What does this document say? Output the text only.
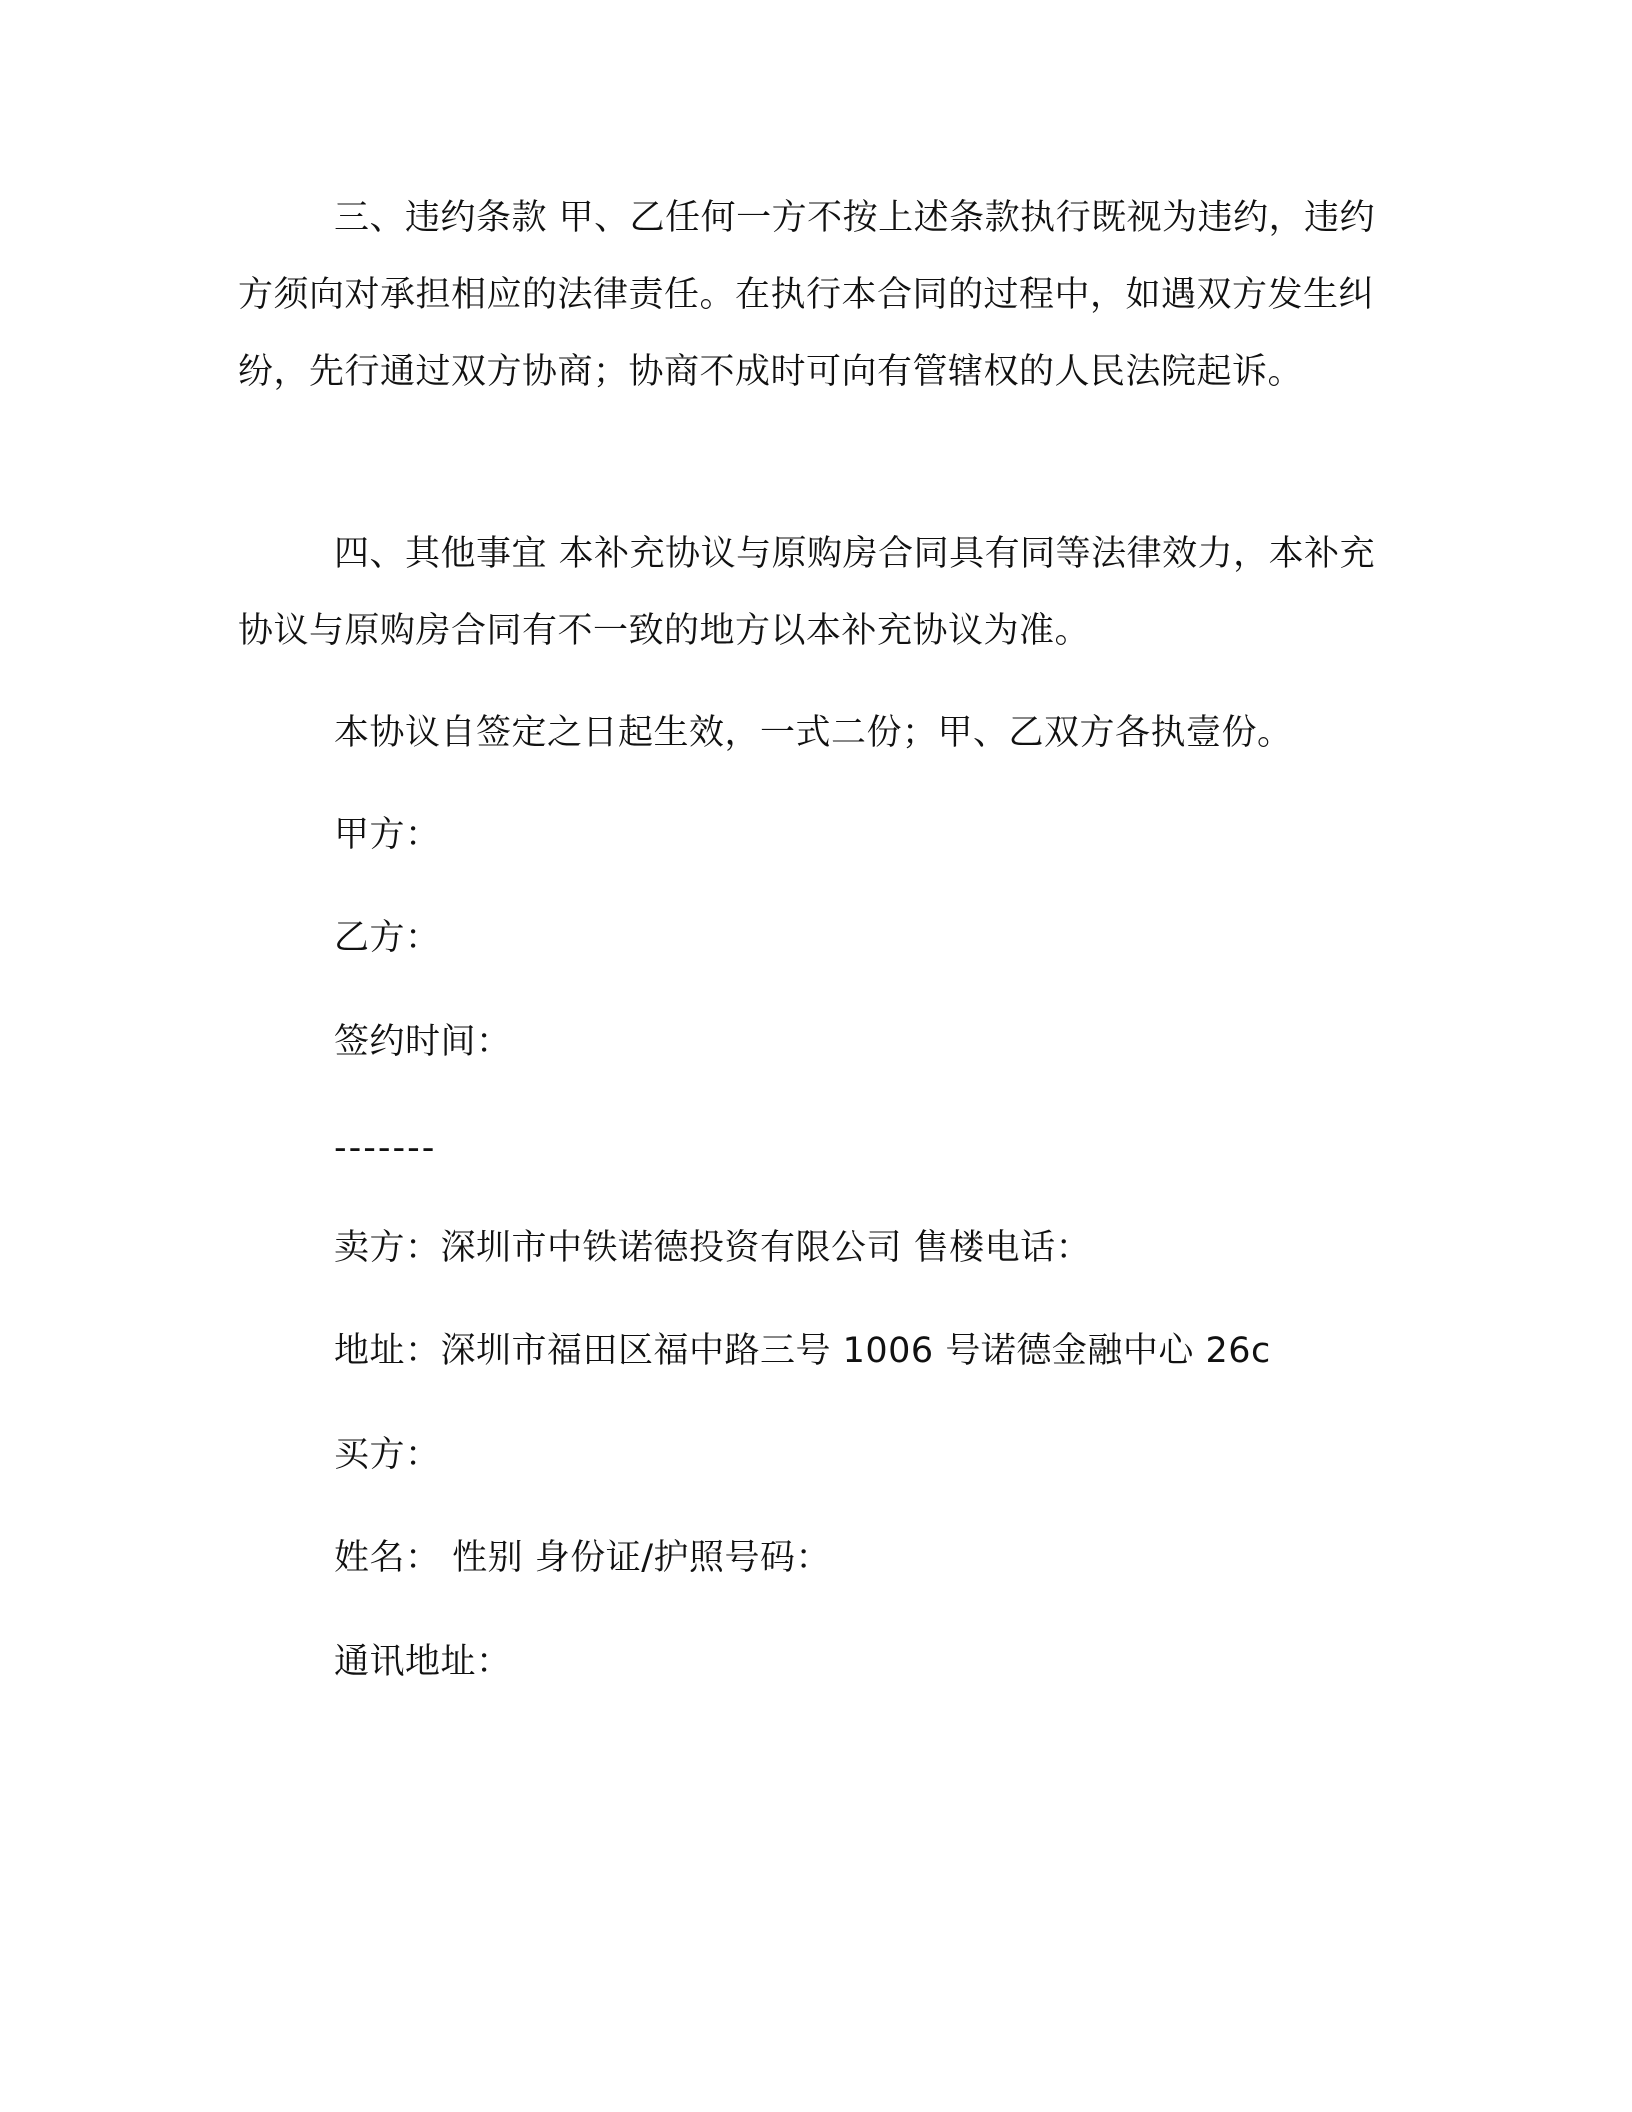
三、违约条款 甲、乙任何一方不按上述条款执行既视为违约，违约方须向对承担相应的法律责任。在执行本合同的过程中，如遇双方发生纠纷，先行通过双方协商；协商不成时可向有管辖权的人民法院起诉。

四、其他事宜 本补充协议与原购房合同具有同等法律效力，本补充协议与原购房合同有不一致的地方以本补充协议为准。

本协议自签定之日起生效，一式二份；甲、乙双方各执壹份。

甲方：

乙方：

签约时间：

-------

卖方：深圳市中铁诺德投资有限公司 售楼电话：

地址：深圳市福田区福中路三号 1006 号诺德金融中心 26c

买方：

姓名： 性别 身份证/护照号码：

通讯地址：
